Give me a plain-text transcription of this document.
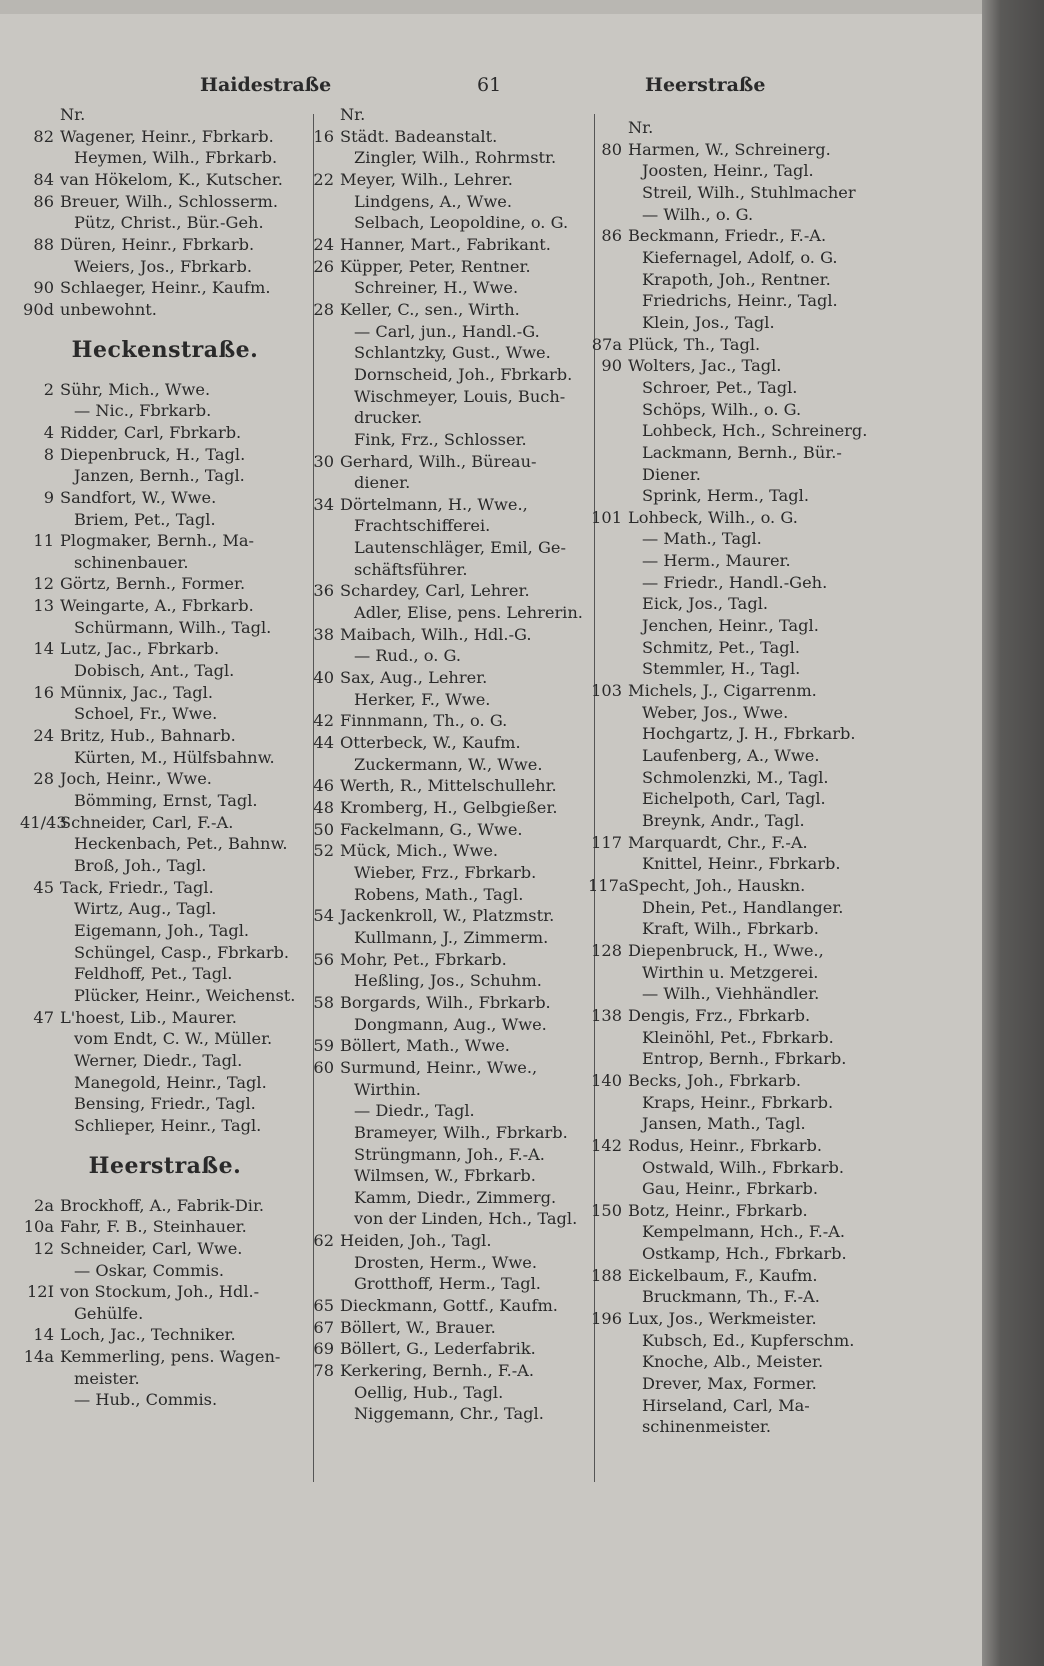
Haidestraße	61	Heerstraße
Nr.
82 Wagener, Heinr., Fbrkarb.
Heymen, Wilh., Fbrkarb.
84 van Hökelom, K., Kutscher.
86 Breuer, Wilh., Schlosserm.
Pütz, Christ., Bür.-Geh.
88 Düren, Heinr., Fbrkarb.
Weiers, Jos., Fbrkarb.
90 Schlaeger, Heinr., Kaufm.
90d unbewohnt.
Heckenstraße.
2 Sühr, Mich., Wwe.
— Nic., Fbrkarb.
4 Ridder, Carl, Fbrkarb.
8 Diepenbruck, H., Tagl.
Janzen, Bernh., Tagl.
9 Sandfort, W., Wwe.
Briem, Pet., Tagl.
11 Plogmaker, Bernh., Ma-
schinenbauer.
12 Görtz, Bernh., Former.
13 Weingarte, A., Fbrkarb.
Schürmann, Wilh., Tagl.
14 Lutz, Jac., Fbrkarb.
Dobisch, Ant., Tagl.
16 Münnix, Jac., Tagl.
Schoel, Fr., Wwe.
24 Britz, Hub., Bahnarb.
Kürten, M., Hülfsbahnw.
28 Joch, Heinr., Wwe.
Bömming, Ernst, Tagl.
41/43
Schneider, Carl, F.-A.
Heckenbach, Pet., Bahnw.
Broß, Joh., Tagl.
45 Tack, Friedr., Tagl.
Wirtz, Aug., Tagl.
Eigemann, Joh., Tagl.
Schüngel, Casp., Fbrkarb.
Feldhoff, Pet., Tagl.
Plücker, Heinr., Weichenst.
47 L'hoest, Lib., Maurer.
vom Endt, C. W., Müller.
Werner, Diedr., Tagl.
Manegold, Heinr., Tagl.
Bensing, Friedr., Tagl.
Schlieper, Heinr., Tagl.
Heerstraße.
2a Brockhoff, A., Fabrik-Dir.
10a Fahr, F. B., Steinhauer.
12 Schneider, Carl, Wwe.
— Oskar, Commis.
12I von Stockum, Joh., Hdl.-
Gehülfe.
14 Loch, Jac., Techniker.
14a Kemmerling, pens. Wagen-
meister.
— Hub., Commis.
Nr.
16 Städt. Badeanstalt.
Zingler, Wilh., Rohrmstr.
22 Meyer, Wilh., Lehrer.
Lindgens, A., Wwe.
Selbach, Leopoldine, o. G.
24 Hanner, Mart., Fabrikant.
26 Küpper, Peter, Rentner.
Schreiner, H., Wwe.
28 Keller, C., sen., Wirth.
— Carl, jun., Handl.-G.
Schlantzky, Gust., Wwe.
Dornscheid, Joh., Fbrkarb.
Wischmeyer, Louis, Buch-
drucker.
Fink, Frz., Schlosser.
30 Gerhard, Wilh., Büreau-
diener.
34 Dörtelmann, H., Wwe.,
Frachtschifferei.
Lautenschläger, Emil, Ge-
schäftsführer.
36 Schardey, Carl, Lehrer.
Adler, Elise, pens. Lehrerin.
38 Maibach, Wilh., Hdl.-G.
— Rud., o. G.
40 Sax, Aug., Lehrer.
Herker, F., Wwe.
42 Finnmann, Th., o. G.
44 Otterbeck, W., Kaufm.
Zuckermann, W., Wwe.
46 Werth, R., Mittelschullehr.
48 Kromberg, H., Gelbgießer.
50 Fackelmann, G., Wwe.
52 Mück, Mich., Wwe.
Wieber, Frz., Fbrkarb.
Robens, Math., Tagl.
54 Jackenkroll, W., Platzmstr.
Kullmann, J., Zimmerm.
56 Mohr, Pet., Fbrkarb.
Heßling, Jos., Schuhm.
58 Borgards, Wilh., Fbrkarb.
Dongmann, Aug., Wwe.
59 Böllert, Math., Wwe.
60 Surmund, Heinr., Wwe.,
Wirthin.
— Diedr., Tagl.
Brameyer, Wilh., Fbrkarb.
Strüngmann, Joh., F.-A.
Wilmsen, W., Fbrkarb.
Kamm, Diedr., Zimmerg.
von der Linden, Hch., Tagl.
62 Heiden, Joh., Tagl.
Drosten, Herm., Wwe.
Grotthoff, Herm., Tagl.
65 Dieckmann, Gottf., Kaufm.
67 Böllert, W., Brauer.
69 Böllert, G., Lederfabrik.
78 Kerkering, Bernh., F.-A.
Oellig, Hub., Tagl.
Niggemann, Chr., Tagl.
Nr.
80 Harmen, W., Schreinerg.
Joosten, Heinr., Tagl.
Streil, Wilh., Stuhlmacher
— Wilh., o. G.
86 Beckmann, Friedr., F.-A.
Kiefernagel, Adolf, o. G.
Krapoth, Joh., Rentner.
Friedrichs, Heinr., Tagl.
Klein, Jos., Tagl.
87a Plück, Th., Tagl.
90 Wolters, Jac., Tagl.
Schroer, Pet., Tagl.
Schöps, Wilh., o. G.
Lohbeck, Hch., Schreinerg.
Lackmann, Bernh., Bür.-
Diener.
Sprink, Herm., Tagl.
101 Lohbeck, Wilh., o. G.
— Math., Tagl.
— Herm., Maurer.
— Friedr., Handl.-Geh.
Eick, Jos., Tagl.
Jenchen, Heinr., Tagl.
Schmitz, Pet., Tagl.
Stemmler, H., Tagl.
103 Michels, J., Cigarrenm.
Weber, Jos., Wwe.
Hochgartz, J. H., Fbrkarb.
Laufenberg, A., Wwe.
Schmolenzki, M., Tagl.
Eichelpoth, Carl, Tagl.
Breynk, Andr., Tagl.
117 Marquardt, Chr., F.-A.
Knittel, Heinr., Fbrkarb.
117a Specht, Joh., Hauskn.
Dhein, Pet., Handlanger.
Kraft, Wilh., Fbrkarb.
128 Diepenbruck, H., Wwe.,
Wirthin u. Metzgerei.
— Wilh., Viehhändler.
138 Dengis, Frz., Fbrkarb.
Kleinöhl, Pet., Fbrkarb.
Entrop, Bernh., Fbrkarb.
140 Becks, Joh., Fbrkarb.
Kraps, Heinr., Fbrkarb.
Jansen, Math., Tagl.
142 Rodus, Heinr., Fbrkarb.
Ostwald, Wilh., Fbrkarb.
Gau, Heinr., Fbrkarb.
150 Botz, Heinr., Fbrkarb.
Kempelmann, Hch., F.-A.
Ostkamp, Hch., Fbrkarb.
188 Eickelbaum, F., Kaufm.
Bruckmann, Th., F.-A.
196 Lux, Jos., Werkmeister.
Kubsch, Ed., Kupferschm.
Knoche, Alb., Meister.
Drever, Max, Former.
Hirseland, Carl, Ma-
schinenmeister.
